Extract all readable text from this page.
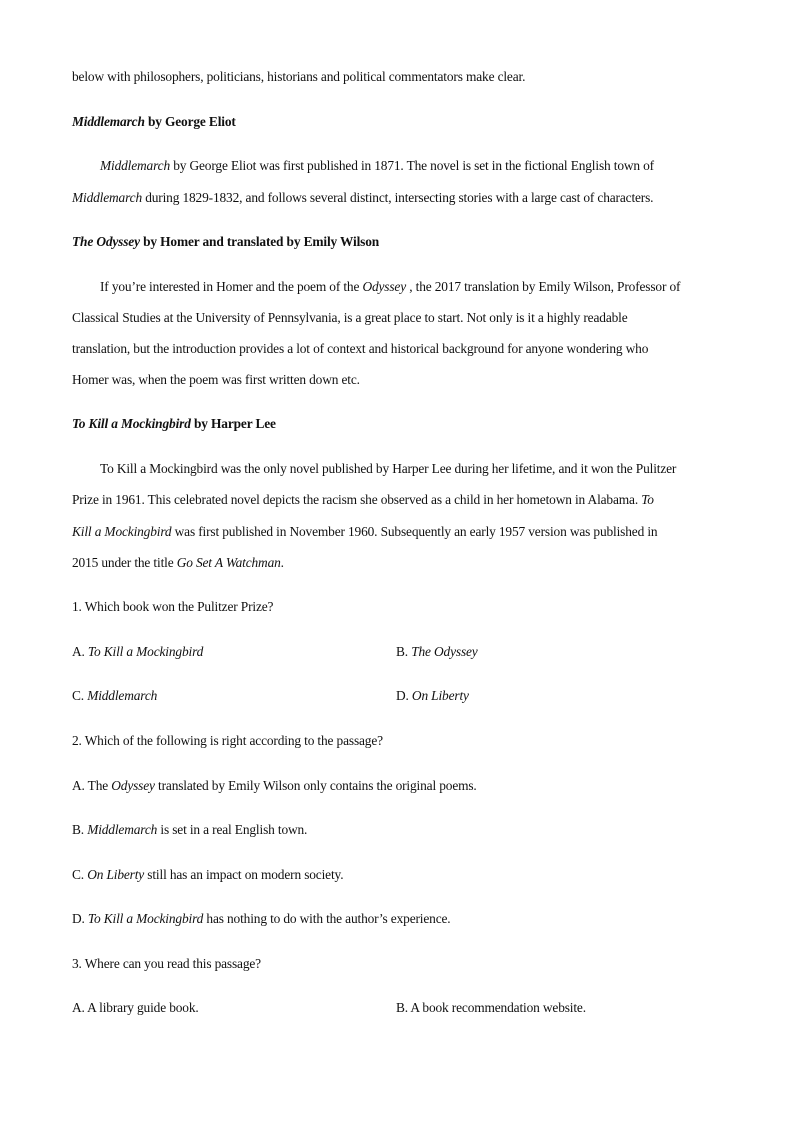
below with philosophers, politicians, historians and political commentators make clear.
Middlemarch by George Eliot
Middlemarch by George Eliot was first published in 1871. The novel is set in the fictional English town of
Middlemarch during 1829-1832, and follows several distinct, intersecting stories with a large cast of characters.
The Odyssey by Homer and translated by Emily Wilson
If you’re interested in Homer and the poem of the Odyssey , the 2017 translation by Emily Wilson, Professor of
Classical Studies at the University of Pennsylvania, is a great place to start. Not only is it a highly readable
translation, but the introduction provides a lot of context and historical background for anyone wondering who
Homer was, when the poem was first written down etc.
To Kill a Mockingbird by Harper Lee
To Kill a Mockingbird was the only novel published by Harper Lee during her lifetime, and it won the Pulitzer
Prize in 1961. This celebrated novel depicts the racism she observed as a child in her hometown in Alabama. To
Kill a Mockingbird was first published in November 1960. Subsequently an early 1957 version was published in
2015 under the title Go Set A Watchman.
1. Which book won the Pulitzer Prize?
A. To Kill a Mockingbird	B. The Odyssey
C. Middlemarch	D. On Liberty
2. Which of the following is right according to the passage?
A. The Odyssey translated by Emily Wilson only contains the original poems.
B. Middlemarch is set in a real English town.
C. On Liberty still has an impact on modern society.
D. To Kill a Mockingbird has nothing to do with the author’s experience.
3. Where can you read this passage?
A. A library guide book.	B. A book recommendation website.
